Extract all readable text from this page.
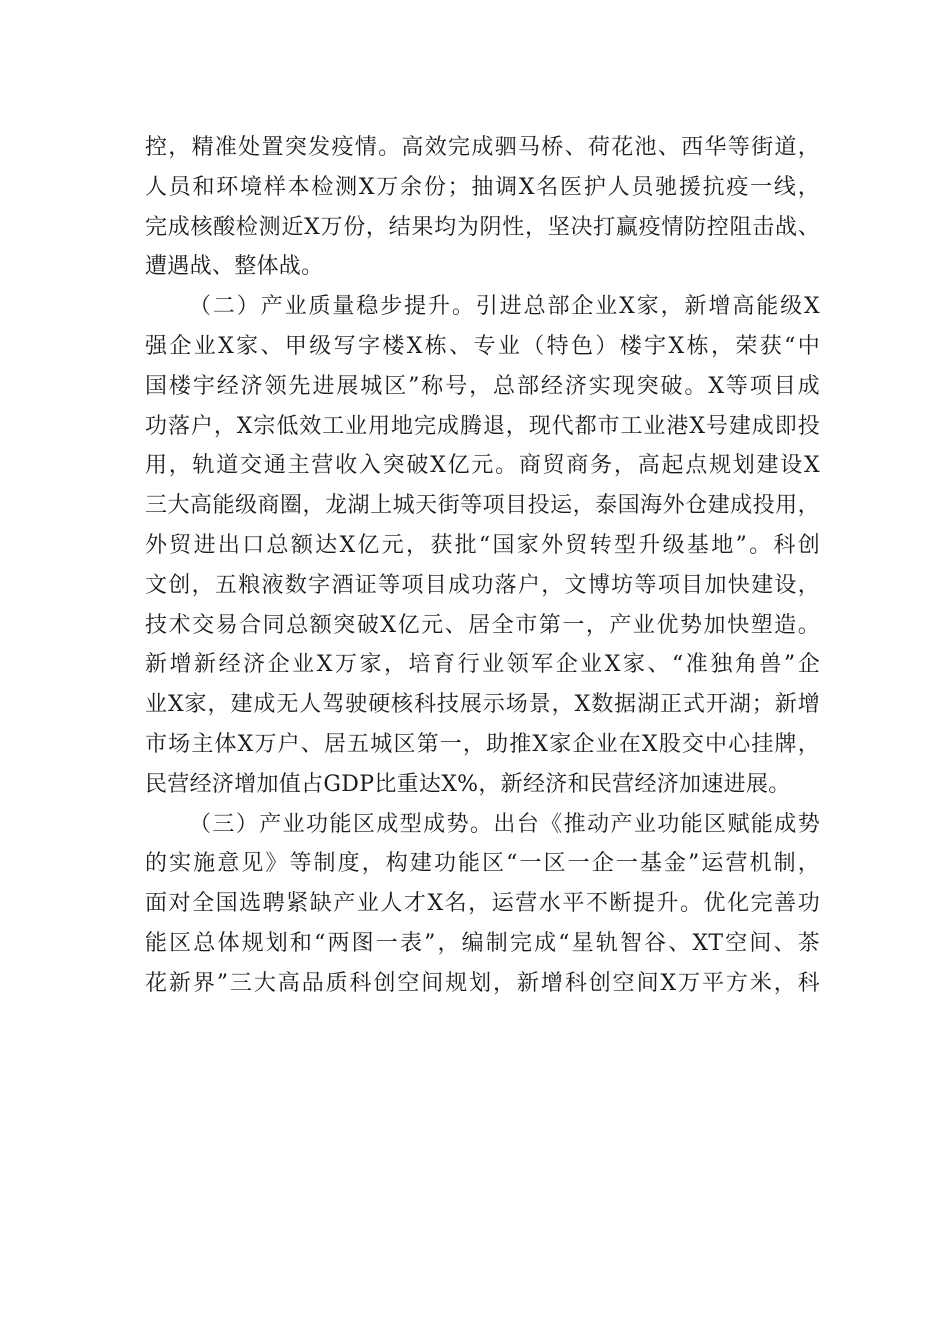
控，精准处置突发疫情。高效完成驷马桥、荷花池、西华等街道，
人员和环境样本检测X万余份；抽调X名医护人员驰援抗疫一线，
完成核酸检测近X万份，结果均为阴性，坚决打赢疫情防控阻击战、
遭遇战、整体战。
（二）产业质量稳步提升。引进总部企业X家，新增高能级X
强企业X家、甲级写字楼X栋、专业（特色）楼宇X栋，荣获“中
国楼宇经济领先进展城区”称号，总部经济实现突破。X等项目成
功落户，X宗低效工业用地完成腾退，现代都市工业港X号建成即投
用，轨道交通主营收入突破X亿元。商贸商务，高起点规划建设X
三大高能级商圈，龙湖上城天街等项目投运，泰国海外仓建成投用，
外贸进出口总额达X亿元，获批“国家外贸转型升级基地”。科创
文创，五粮液数字酒证等项目成功落户，文博坊等项目加快建设，
技术交易合同总额突破X亿元、居全市第一，产业优势加快塑造。
新增新经济企业X万家，培育行业领军企业X家、“准独角兽”企
业X家，建成无人驾驶硬核科技展示场景，X数据湖正式开湖；新增
市场主体X万户、居五城区第一，助推X家企业在X股交中心挂牌，
民营经济增加值占GDP比重达X%，新经济和民营经济加速进展。
（三）产业功能区成型成势。出台《推动产业功能区赋能成势
的实施意见》等制度，构建功能区“一区一企一基金”运营机制，
面对全国选聘紧缺产业人才X名，运营水平不断提升。优化完善功
能区总体规划和“两图一表”，编制完成“星轨智谷、XT空间、茶
花新界”三大高品质科创空间规划，新增科创空间X万平方米，科
